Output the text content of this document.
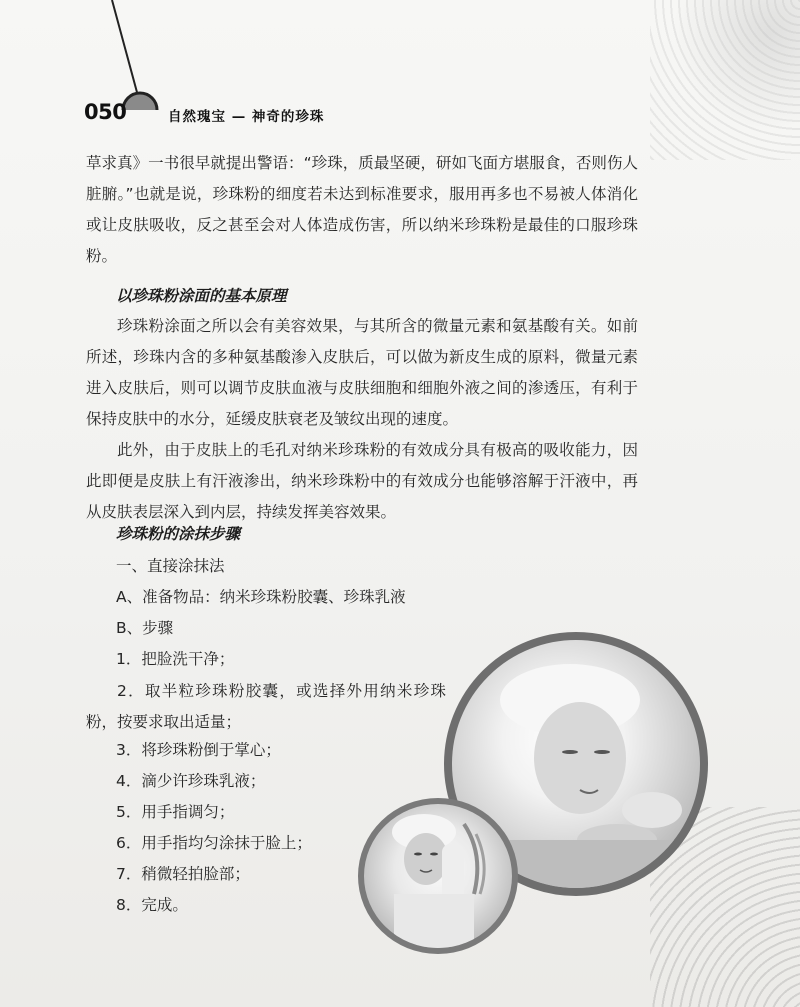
050	自然瑰宝 — 神奇的珍珠

草求真》一书很早就提出警语：“珍珠，质最坚硬，研如飞面方堪服食，否则伤人脏腑。”也就是说，珍珠粉的细度若未达到标准要求，服用再多也不易被人体消化或让皮肤吸收，反之甚至会对人体造成伤害，所以纳米珍珠粉是最佳的口服珍珠粉。

以珍珠粉涂面的基本原理

珍珠粉涂面之所以会有美容效果，与其所含的微量元素和氨基酸有关。如前所述，珍珠内含的多种氨基酸渗入皮肤后，可以做为新皮生成的原料，微量元素进入皮肤后，则可以调节皮肤血液与皮肤细胞和细胞外液之间的渗透压，有利于保持皮肤中的水分，延缓皮肤衰老及皱纹出现的速度。

此外，由于皮肤上的毛孔对纳米珍珠粉的有效成分具有极高的吸收能力，因此即便是皮肤上有汗液渗出，纳米珍珠粉中的有效成分也能够溶解于汗液中，再从皮肤表层深入到内层，持续发挥美容效果。

珍珠粉的涂抹步骤
一、直接涂抹法
A、准备物品：纳米珍珠粉胶囊、珍珠乳液
B、步骤
1．把脸洗干净；

2．取半粒珍珠粉胶囊，或选择外用纳米珍珠粉，按要求取出适量；

3．将珍珠粉倒于掌心；
4．滴少许珍珠乳液；
5．用手指调匀；
6．用手指均匀涂抹于脸上；
7．稍微轻拍脸部；
8．完成。
